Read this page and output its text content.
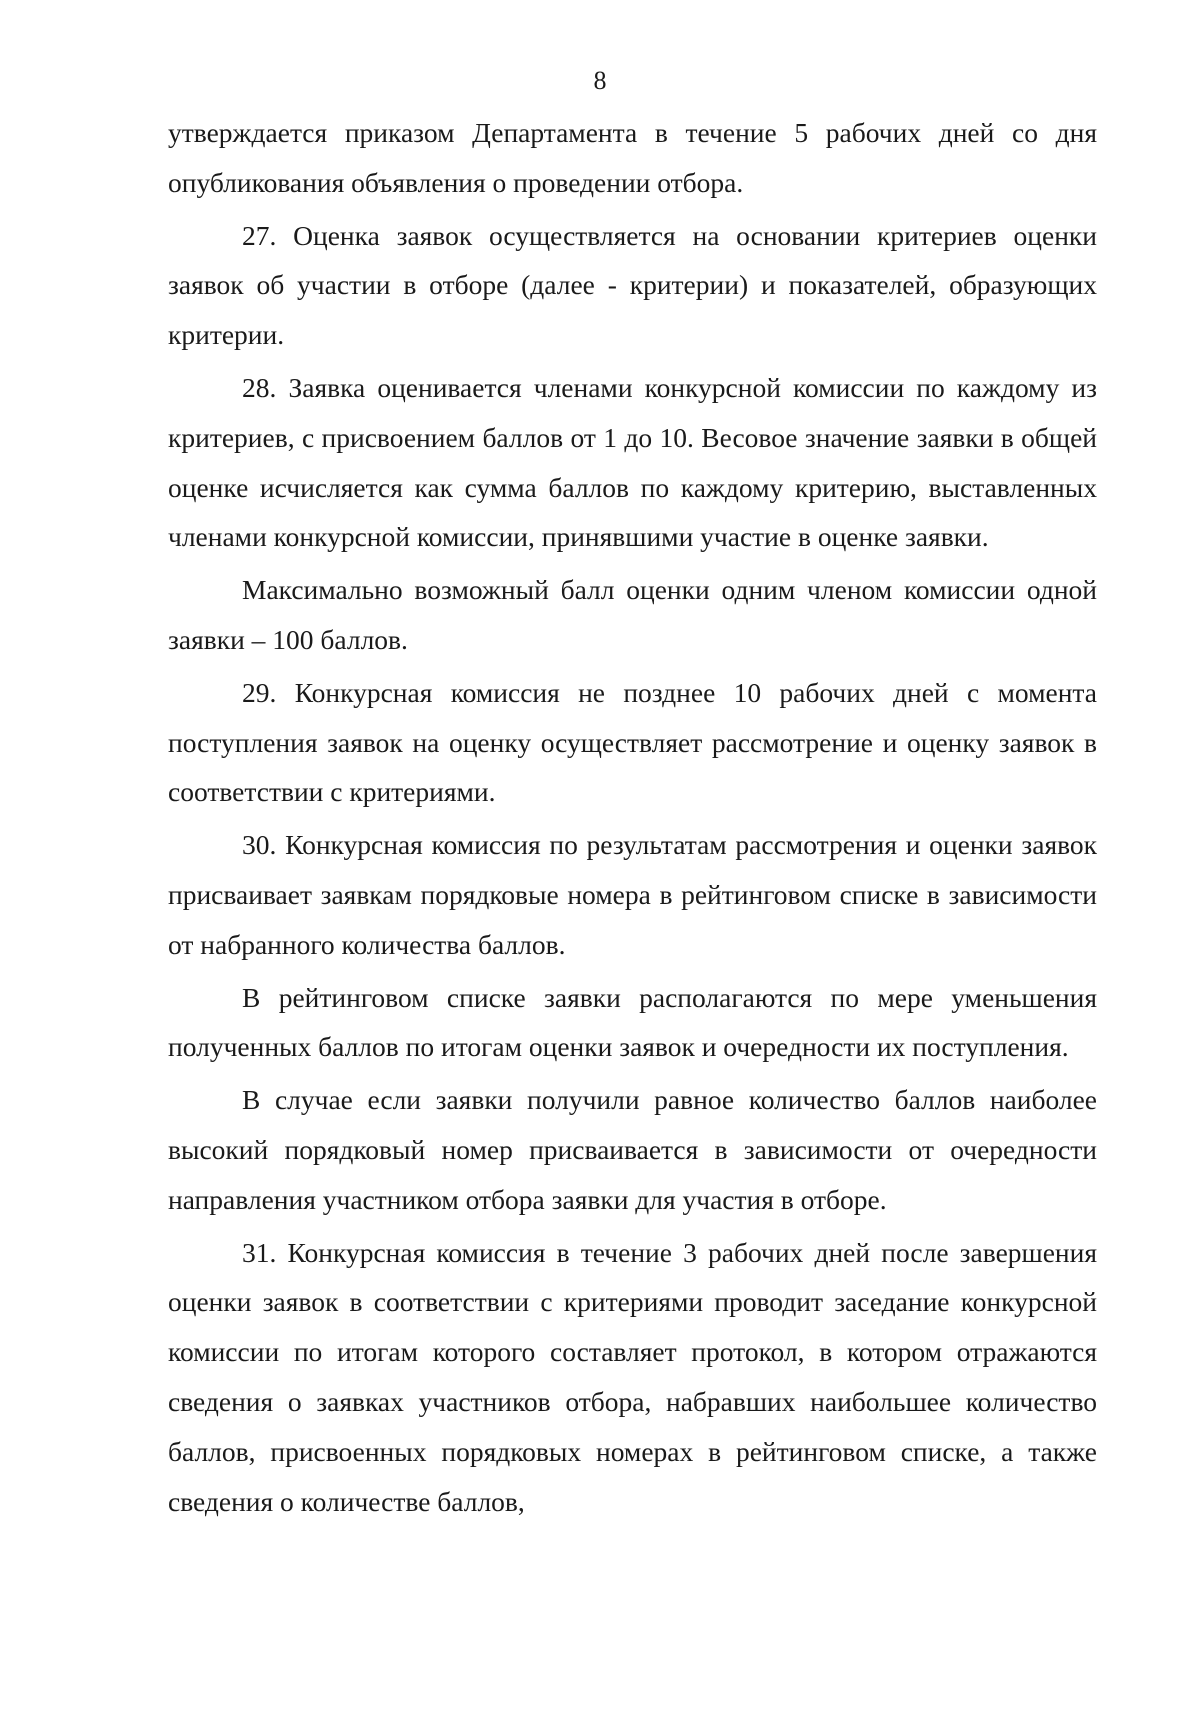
8

утверждается приказом Департамента в течение 5 рабочих дней со дня опубликования объявления о проведении отбора.

27. Оценка заявок осуществляется на основании критериев оценки заявок об участии в отборе (далее - критерии) и показателей, образующих критерии.

28. Заявка оценивается членами конкурсной комиссии по каждому из критериев, с присвоением баллов от 1 до 10. Весовое значение заявки в общей оценке исчисляется как сумма баллов по каждому критерию, выставленных членами конкурсной комиссии, принявшими участие в оценке заявки.

Максимально возможный балл оценки одним членом комиссии одной заявки – 100 баллов.

29. Конкурсная комиссия не позднее 10 рабочих дней с момента поступления заявок на оценку осуществляет рассмотрение и оценку заявок в соответствии с критериями.

30. Конкурсная комиссия по результатам рассмотрения и оценки заявок присваивает заявкам порядковые номера в рейтинговом списке в зависимости от набранного количества баллов.

В рейтинговом списке заявки располагаются по мере уменьшения полученных баллов по итогам оценки заявок и очередности их поступления.

В случае если заявки получили равное количество баллов наиболее высокий порядковый номер присваивается в зависимости от очередности направления участником отбора заявки для участия в отборе.

31. Конкурсная комиссия в течение 3 рабочих дней после завершения оценки заявок в соответствии с критериями проводит заседание конкурсной комиссии по итогам которого составляет протокол, в котором отражаются сведения о заявках участников отбора, набравших наибольшее количество баллов, присвоенных порядковых номерах в рейтинговом списке, а также сведения о количестве баллов,
